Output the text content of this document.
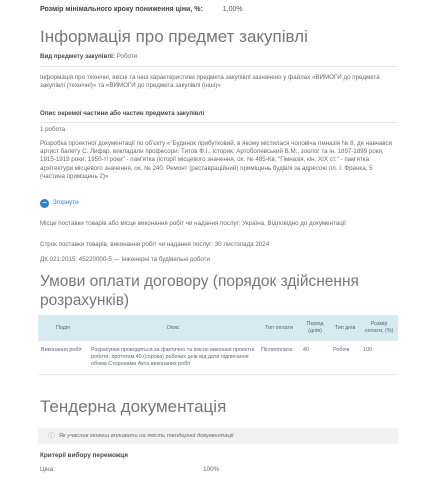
Розмір мінімального кроку пониження ціни, %:	1,00%
Інформація про предмет закупівлі
Вид предмету закупівлі: Роботи
Інформація про технічні, якісні та інші характеристики предмета закупівлі зазначено у файлах «ВИМОГИ до предмета закупівлі (технічні)» та «ВИМОГИ до предмета закупівлі (інші)»
Опис окремої частини або частин предмета закупівлі
1 робота
Розробка проектної документації по об'єкту «"Будинок прибутковий, в якому містилася чоловіча гімназія № 8, де навчався артист балету С. Лифар, викладали професори: Титов Ф.І., історик, Артоболевський В.М., зоолог та ін. 1897-1899 роки; 1915-1919 роки; 1950-ті роки" - пам'ятка (історії місцевого значення, ох. № 485-Кв; "Гімназія, кін. XIX ст." - пам'ятка архітектури місцевого значення, ох. № 240. Ремонт (реставраційний) приміщень будівлі за адресою пл. І. Франка, 5 (частина приміщень 2)»
−	Згорнути
Місце поставки товарів або місце виконання робіт чи надання послуг: Україна, Відповідно до документації
Строк поставки товарів, виконання робіт чи надання послуг: 30 листопада 2024
ДК 021:2015: 45220000-5 — Інженерні та будівельні роботи
Умови оплати договору (порядок здійснення розрахунків)
Подія	Опис	Тип оплати	Період (днів)	Тип днів	Розмір оплати, (%)
Виконання робіт	Розрахунки проводяться за фактично та якісно виконані проектні роботи, протягом 40 (сорока) робочих днів від дати підписання обома Сторонами Акта виконаних робіт	Післяоплата	40	Робочі	100
Тендерна документація
ⓘ Як учасник можеш впливати на якість тендерної документації
Критерії вибору переможця
Ціна:	100%
